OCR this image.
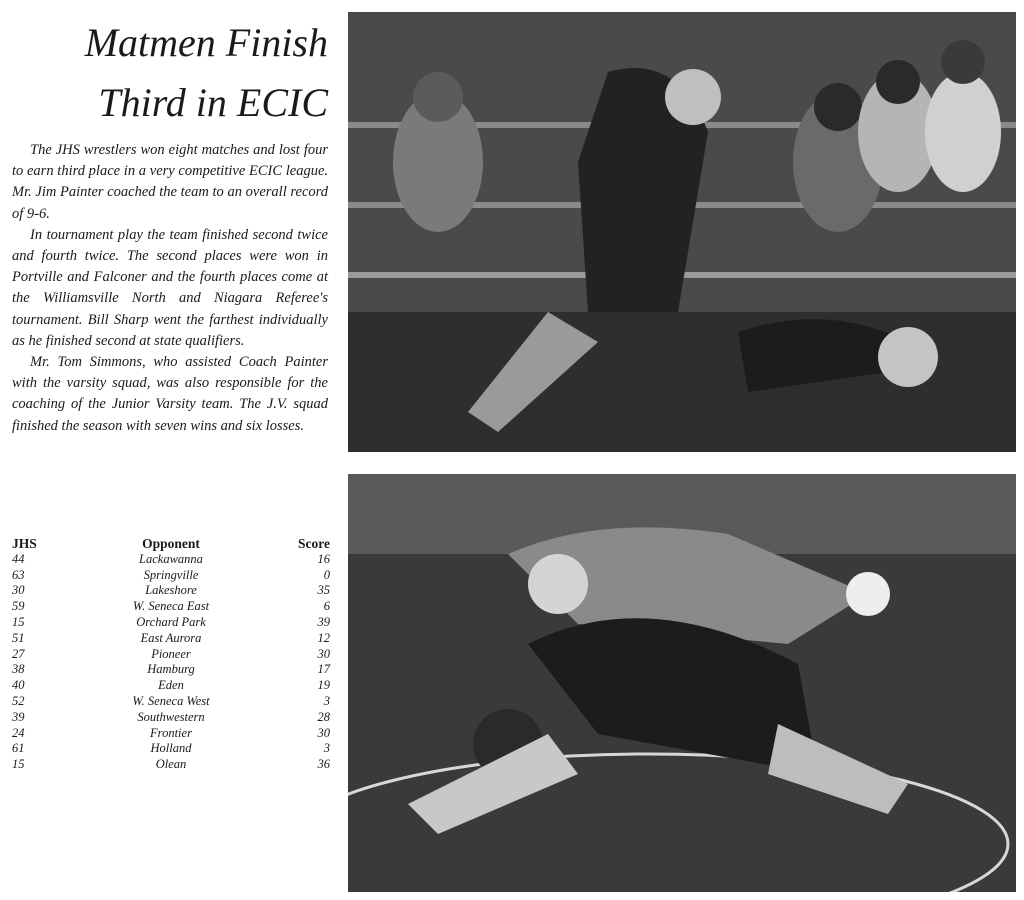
Matmen Finish
Third in ECIC

The JHS wrestlers won eight matches and lost four to earn third place in a very competitive ECIC league. Mr. Jim Painter coached the team to an overall record of 9-6.

In tournament play the team finished second twice and fourth twice. The second places were won in Portville and Falconer and the fourth places come at the Williamsville North and Niagara Referee's tournament. Bill Sharp went the farthest individually as he finished second at state qualifiers.

Mr. Tom Simmons, who assisted Coach Painter with the varsity squad, was also responsible for the coaching of the Junior Varsity team. The J.V. squad finished the season with seven wins and six losses.

JHS	Opponent	Score
44	Lackawanna	16
63	Springville	0
30	Lakeshore	35
59	W. Seneca East	6
15	Orchard Park	39
51	East Aurora	12
27	Pioneer	30
38	Hamburg	17
40	Eden	19
52	W. Seneca West	3
39	Southwestern	28
24	Frontier	30
61	Holland	3
15	Olean	36
